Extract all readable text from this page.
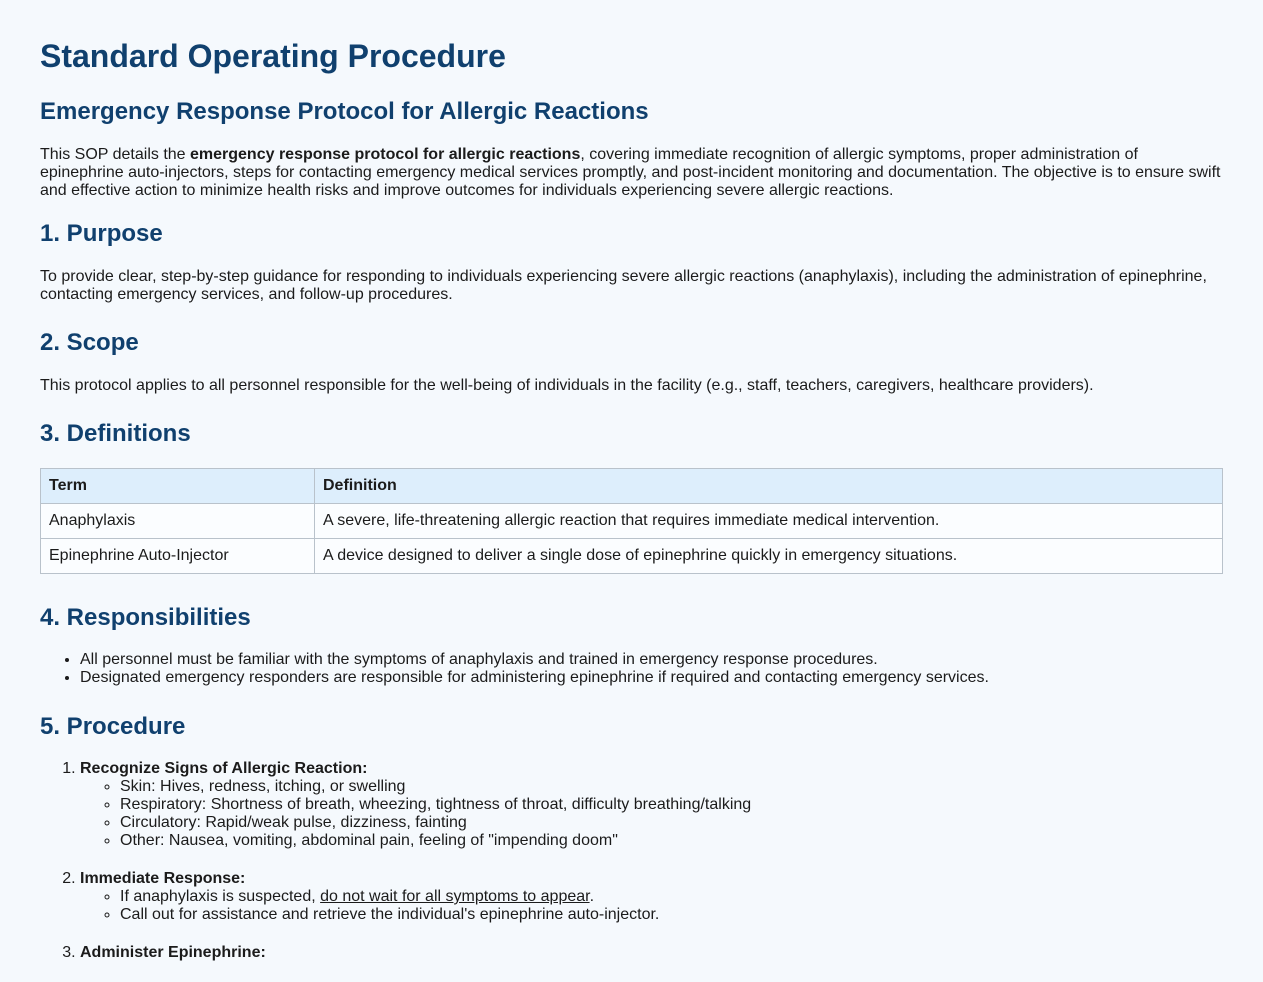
Standard Operating Procedure
Emergency Response Protocol for Allergic Reactions

This SOP details the emergency response protocol for allergic reactions, covering immediate recognition of allergic symptoms, proper administration of epinephrine auto-injectors, steps for contacting emergency medical services promptly, and post-incident monitoring and documentation. The objective is to ensure swift and effective action to minimize health risks and improve outcomes for individuals experiencing severe allergic reactions.

1. Purpose

To provide clear, step-by-step guidance for responding to individuals experiencing severe allergic reactions (anaphylaxis), including the administration of epinephrine, contacting emergency services, and follow-up procedures.

2. Scope

This protocol applies to all personnel responsible for the well-being of individuals in the facility (e.g., staff, teachers, caregivers, healthcare providers).

3. Definitions
Term	Definition
Anaphylaxis	A severe, life-threatening allergic reaction that requires immediate medical intervention.
Epinephrine Auto-Injector	A device designed to deliver a single dose of epinephrine quickly in emergency situations.
4. Responsibilities
• All personnel must be familiar with the symptoms of anaphylaxis and trained in emergency response procedures.
• Designated emergency responders are responsible for administering epinephrine if required and contacting emergency services.
5. Procedure
1. Recognize Signs of Allergic Reaction:
◦ Skin: Hives, redness, itching, or swelling
◦ Respiratory: Shortness of breath, wheezing, tightness of throat, difficulty breathing/talking
◦ Circulatory: Rapid/weak pulse, dizziness, fainting
◦ Other: Nausea, vomiting, abdominal pain, feeling of "impending doom"
2. Immediate Response:
◦ If anaphylaxis is suspected, do not wait for all symptoms to appear.
◦ Call out for assistance and retrieve the individual's epinephrine auto-injector.
3. Administer Epinephrine:
